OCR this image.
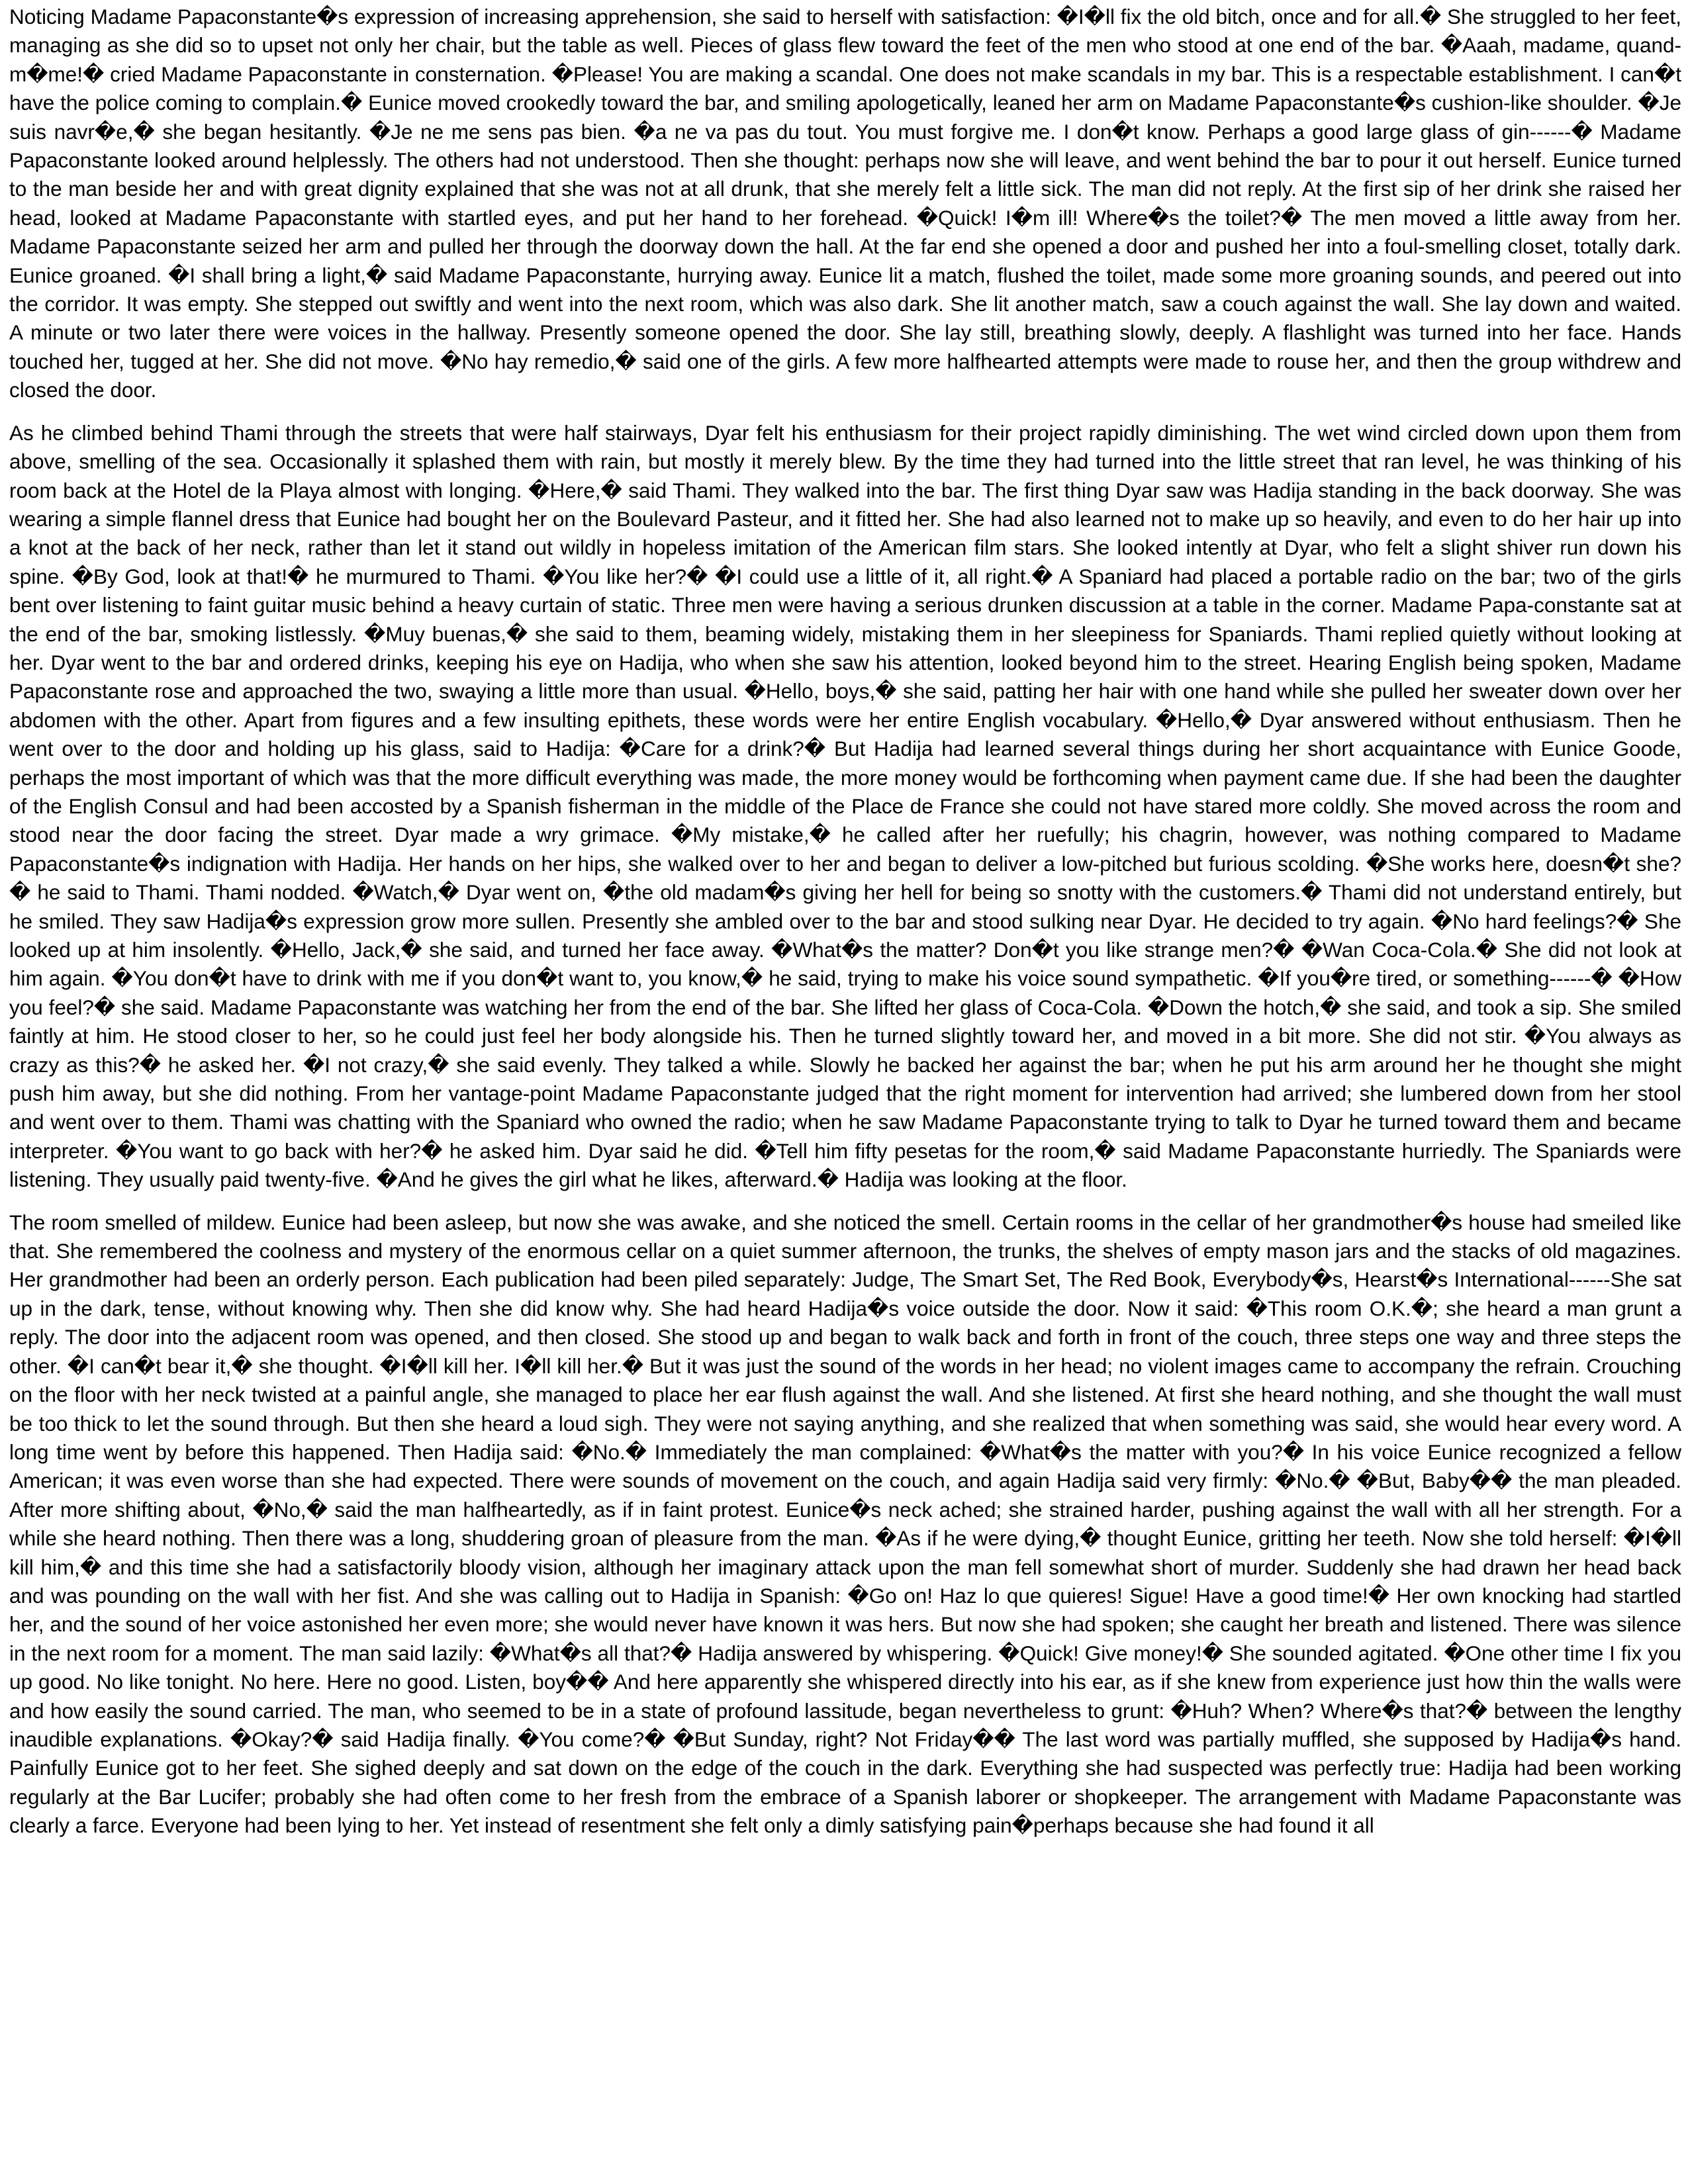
Noticing Madame Papaconstante�s expression of increasing apprehension, she said to herself with satisfaction: �I�ll fix the old bitch, once and for all.� She struggled to her feet, managing as she did so to upset not only her chair, but the table as well. Pieces of glass flew toward the feet of the men who stood at one end of the bar. �Aaah, madame, quand-m�me!� cried Madame Papaconstante in consternation. �Please! You are making a scandal. One does not make scandals in my bar. This is a respectable establishment. I can�t have the police coming to complain.� Eunice moved crookedly toward the bar, and smiling apologetically, leaned her arm on Madame Papaconstante�s cushion-like shoulder. �Je suis navr�e,� she began hesitantly. �Je ne me sens pas bien. �a ne va pas du tout. You must forgive me. I don�t know. Perhaps a good large glass of gin------� Madame Papaconstante looked around helplessly. The others had not understood. Then she thought: perhaps now she will leave, and went behind the bar to pour it out herself. Eunice turned to the man beside her and with great dignity explained that she was not at all drunk, that she merely felt a little sick. The man did not reply. At the first sip of her drink she raised her head, looked at Madame Papaconstante with startled eyes, and put her hand to her forehead. �Quick! I�m ill! Where�s the toilet?� The men moved a little away from her. Madame Papaconstante seized her arm and pulled her through the doorway down the hall. At the far end she opened a door and pushed her into a foul-smelling closet, totally dark. Eunice groaned. �I shall bring a light,� said Madame Papaconstante, hurrying away. Eunice lit a match, flushed the toilet, made some more groaning sounds, and peered out into the corridor. It was empty. She stepped out swiftly and went into the next room, which was also dark. She lit another match, saw a couch against the wall. She lay down and waited. A minute or two later there were voices in the hallway. Presently someone opened the door. She lay still, breathing slowly, deeply. A flashlight was turned into her face. Hands touched her, tugged at her. She did not move. �No hay remedio,� said one of the girls. A few more halfhearted attempts were made to rouse her, and then the group withdrew and closed the door.

As he climbed behind Thami through the streets that were half stairways, Dyar felt his enthusiasm for their project rapidly diminishing. The wet wind circled down upon them from above, smelling of the sea. Occasionally it splashed them with rain, but mostly it merely blew. By the time they had turned into the little street that ran level, he was thinking of his room back at the Hotel de la Playa almost with longing. �Here,� said Thami. They walked into the bar. The first thing Dyar saw was Hadija standing in the back doorway. She was wearing a simple flannel dress that Eunice had bought her on the Boulevard Pasteur, and it fitted her. She had also learned not to make up so heavily, and even to do her hair up into a knot at the back of her neck, rather than let it stand out wildly in hopeless imitation of the American film stars. She looked intently at Dyar, who felt a slight shiver run down his spine. �By God, look at that!� he murmured to Thami. �You like her?� �I could use a little of it, all right.� A Spaniard had placed a portable radio on the bar; two of the girls bent over listening to faint guitar music behind a heavy curtain of static. Three men were having a serious drunken discussion at a table in the corner. Madame Papa-constante sat at the end of the bar, smoking listlessly. �Muy buenas,� she said to them, beaming widely, mistaking them in her sleepiness for Spaniards. Thami replied quietly without looking at her. Dyar went to the bar and ordered drinks, keeping his eye on Hadija, who when she saw his attention, looked beyond him to the street. Hearing English being spoken, Madame Papaconstante rose and approached the two, swaying a little more than usual. �Hello, boys,� she said, patting her hair with one hand while she pulled her sweater down over her abdomen with the other. Apart from figures and a few insulting epithets, these words were her entire English vocabulary. �Hello,� Dyar answered without enthusiasm. Then he went over to the door and holding up his glass, said to Hadija: �Care for a drink?� But Hadija had learned several things during her short acquaintance with Eunice Goode, perhaps the most important of which was that the more difficult everything was made, the more money would be forthcoming when payment came due. If she had been the daughter of the English Consul and had been accosted by a Spanish fisherman in the middle of the Place de France she could not have stared more coldly. She moved across the room and stood near the door facing the street. Dyar made a wry grimace. �My mistake,� he called after her ruefully; his chagrin, however, was nothing compared to Madame Papaconstante�s indignation with Hadija. Her hands on her hips, she walked over to her and began to deliver a low-pitched but furious scolding. �She works here, doesn�t she?� he said to Thami. Thami nodded. �Watch,� Dyar went on, �the old madam�s giving her hell for being so snotty with the customers.� Thami did not understand entirely, but he smiled. They saw Hadija�s expression grow more sullen. Presently she ambled over to the bar and stood sulking near Dyar. He decided to try again. �No hard feelings?� She looked up at him insolently. �Hello, Jack,� she said, and turned her face away. �What�s the matter? Don�t you like strange men?� �Wan Coca-Cola.� She did not look at him again. �You don�t have to drink with me if you don�t want to, you know,� he said, trying to make his voice sound sympathetic. �If you�re tired, or something------� �How you feel?� she said. Madame Papaconstante was watching her from the end of the bar. She lifted her glass of Coca-Cola. �Down the hotch,� she said, and took a sip. She smiled faintly at him. He stood closer to her, so he could just feel her body alongside his. Then he turned slightly toward her, and moved in a bit more. She did not stir. �You always as crazy as this?� he asked her. �I not crazy,� she said evenly. They talked a while. Slowly he backed her against the bar; when he put his arm around her he thought she might push him away, but she did nothing. From her vantage-point Madame Papaconstante judged that the right moment for intervention had arrived; she lumbered down from her stool and went over to them. Thami was chatting with the Spaniard who owned the radio; when he saw Madame Papaconstante trying to talk to Dyar he turned toward them and became interpreter. �You want to go back with her?� he asked him. Dyar said he did. �Tell him fifty pesetas for the room,� said Madame Papaconstante hurriedly. The Spaniards were listening. They usually paid twenty-five. �And he gives the girl what he likes, afterward.� Hadija was looking at the floor.

The room smelled of mildew. Eunice had been asleep, but now she was awake, and she noticed the smell. Certain rooms in the cellar of her grandmother�s house had smeiled like that. She remembered the coolness and mystery of the enormous cellar on a quiet summer afternoon, the trunks, the shelves of empty mason jars and the stacks of old magazines. Her grandmother had been an orderly person. Each publication had been piled separately: Judge, The Smart Set, The Red Book, Everybody�s, Hearst�s International------She sat up in the dark, tense, without knowing why. Then she did know why. She had heard Hadija�s voice outside the door. Now it said: �This room O.K.�; she heard a man grunt a reply. The door into the adjacent room was opened, and then closed. She stood up and began to walk back and forth in front of the couch, three steps one way and three steps the other. �I can�t bear it,� she thought. �I�ll kill her. I�ll kill her.� But it was just the sound of the words in her head; no violent images came to accompany the refrain. Crouching on the floor with her neck twisted at a painful angle, she managed to place her ear flush against the wall. And she listened. At first she heard nothing, and she thought the wall must be too thick to let the sound through. But then she heard a loud sigh. They were not saying anything, and she realized that when something was said, she would hear every word. A long time went by before this happened. Then Hadija said: �No.� Immediately the man complained: �What�s the matter with you?� In his voice Eunice recognized a fellow American; it was even worse than she had expected. There were sounds of movement on the couch, and again Hadija said very firmly: �No.� �But, Baby�� the man pleaded. After more shifting about, �No,� said the man halfheartedly, as if in faint protest. Eunice�s neck ached; she strained harder, pushing against the wall with all her strength. For a while she heard nothing. Then there was a long, shuddering groan of pleasure from the man. �As if he were dying,� thought Eunice, gritting her teeth. Now she told herself: �I�ll kill him,� and this time she had a satisfactorily bloody vision, although her imaginary attack upon the man fell somewhat short of murder. Suddenly she had drawn her head back and was pounding on the wall with her fist. And she was calling out to Hadija in Spanish: �Go on! Haz lo que quieres! Sigue! Have a good time!� Her own knocking had startled her, and the sound of her voice astonished her even more; she would never have known it was hers. But now she had spoken; she caught her breath and listened. There was silence in the next room for a moment. The man said lazily: �What�s all that?� Hadija answered by whispering. �Quick! Give money!� She sounded agitated. �One other time I fix you up good. No like tonight. No here. Here no good. Listen, boy�� And here apparently she whispered directly into his ear, as if she knew from experience just how thin the walls were and how easily the sound carried. The man, who seemed to be in a state of profound lassitude, began nevertheless to grunt: �Huh? When? Where�s that?� between the lengthy inaudible explanations. �Okay?� said Hadija finally. �You come?� �But Sunday, right? Not Friday�� The last word was partially muffled, she supposed by Hadija�s hand. Painfully Eunice got to her feet. She sighed deeply and sat down on the edge of the couch in the dark. Everything she had suspected was perfectly true: Hadija had been working regularly at the Bar Lucifer; probably she had often come to her fresh from the embrace of a Spanish laborer or shopkeeper. The arrangement with Madame Papaconstante was clearly a farce. Everyone had been lying to her. Yet instead of resentment she felt only a dimly satisfying pain�perhaps because she had found it all
